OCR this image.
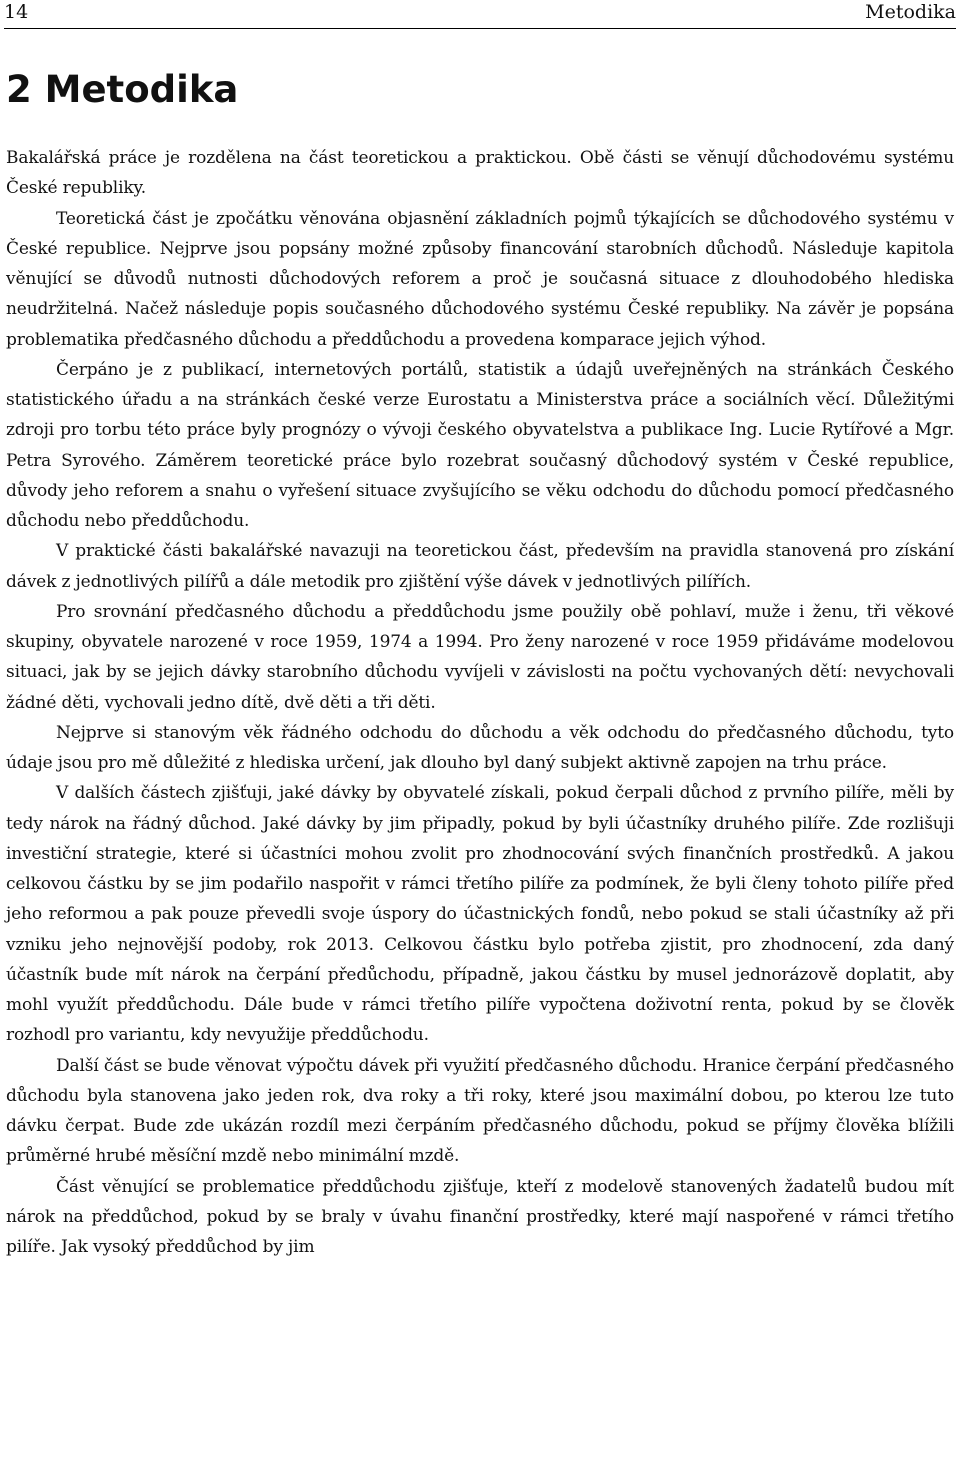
14	Metodika
2 Metodika

Bakalářská práce je rozdělena na část teoretickou a praktickou. Obě části se věnují důchodovému systému České republiky.

Teoretická část je zpočátku věnována objasnění základních pojmů týkajících se důchodového systému v České republice. Nejprve jsou popsány možné způsoby financování starobních důchodů. Následuje kapitola věnující se důvodů nutnosti důchodových reforem a proč je současná situace z dlouhodobého hlediska neudržitelná. Načež následuje popis současného důchodového systému České republiky. Na závěr je popsána problematika předčasného důchodu a předdůchodu a provedena komparace jejich výhod.

Čerpáno je z publikací, internetových portálů, statistik a údajů uveřejněných na stránkách Českého statistického úřadu a na stránkách české verze Eurostatu a Ministerstva práce a sociálních věcí. Důležitými zdroji pro torbu této práce byly prognózy o vývoji českého obyvatelstva a publikace Ing. Lucie Rytířové a Mgr. Petra Syrového. Záměrem teoretické práce bylo rozebrat současný důchodový systém v České republice, důvody jeho reforem a snahu o vyřešení situace zvyšujícího se věku odchodu do důchodu pomocí předčasného důchodu nebo předdůchodu.

V praktické části bakalářské navazuji na teoretickou část, především na pravidla stanovená pro získání dávek z jednotlivých pilířů a dále metodik pro zjištění výše dávek v jednotlivých pilířích.

Pro srovnání předčasného důchodu a předdůchodu jsme použily obě pohlaví, muže i ženu, tři věkové skupiny, obyvatele narozené v roce 1959, 1974 a 1994. Pro ženy narozené v roce 1959 přidáváme modelovou situaci, jak by se jejich dávky starobního důchodu vyvíjeli v závislosti na počtu vychovaných dětí: nevychovali žádné děti, vychovali jedno dítě, dvě děti a tři děti.

Nejprve si stanovým věk řádného odchodu do důchodu a věk odchodu do předčasného důchodu, tyto údaje jsou pro mě důležité z hlediska určení, jak dlouho byl daný subjekt aktivně zapojen na trhu práce.

V dalších částech zjišťuji, jaké dávky by obyvatelé získali, pokud čerpali důchod z prvního pilíře, měli by tedy nárok na řádný důchod. Jaké dávky by jim připadly, pokud by byli účastníky druhého pilíře. Zde rozlišuji investiční strategie, které si účastníci mohou zvolit pro zhodnocování svých finančních prostředků. A jakou celkovou částku by se jim podařilo naspořit v rámci třetího pilíře za podmínek, že byli členy tohoto pilíře před jeho reformou a pak pouze převedli svoje úspory do účastnických fondů, nebo pokud se stali účastníky až při vzniku jeho nejnovější podoby, rok 2013. Celkovou částku bylo potřeba zjistit, pro zhodnocení, zda daný účastník bude mít nárok na čerpání předůchodu, případně, jakou částku by musel jednorázově doplatit, aby mohl využít předdůchodu. Dále bude v rámci třetího pilíře vypočtena doživotní renta, pokud by se člověk rozhodl pro variantu, kdy nevyužije předdůchodu.

Další část se bude věnovat výpočtu dávek při využití předčasného důchodu. Hranice čerpání předčasného důchodu byla stanovena jako jeden rok, dva roky a tři roky, které jsou maximální dobou, po kterou lze tuto dávku čerpat. Bude zde ukázán rozdíl mezi čerpáním předčasného důchodu, pokud se příjmy člověka blížili průměrné hrubé měsíční mzdě nebo minimální mzdě.

Část věnující se problematice předdůchodu zjišťuje, kteří z modelově stanovených žadatelů budou mít nárok na předdůchod, pokud by se braly v úvahu finanční prostředky, které mají naspořené v rámci třetího pilíře. Jak vysoký předdůchod by jim
